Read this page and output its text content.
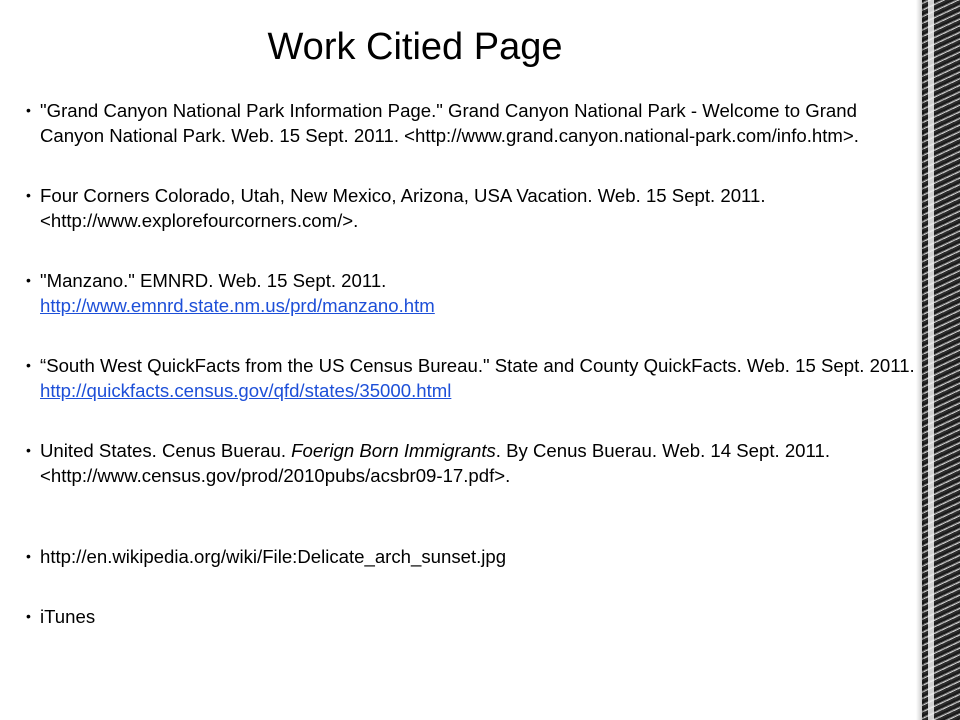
Work Citied Page
• "Grand Canyon National Park Information Page." Grand Canyon National Park - Welcome to Grand Canyon National Park. Web. 15 Sept. 2011. <http://www.grand.canyon.national-park.com/info.htm>.
• Four Corners Colorado, Utah, New Mexico, Arizona, USA Vacation. Web. 15 Sept. 2011. <http://www.explorefourcorners.com/>.
• "Manzano." EMNRD. Web. 15 Sept. 2011.
http://www.emnrd.state.nm.us/prd/manzano.htm
• “South West QuickFacts from the US Census Bureau." State and County QuickFacts. Web. 15 Sept. 2011. http://quickfacts.census.gov/qfd/states/35000.html
• United States. Cenus Buerau. Foerign Born Immigrants. By Cenus Buerau. Web. 14 Sept. 2011. <http://www.census.gov/prod/2010pubs/acsbr09-17.pdf>.
• http://en.wikipedia.org/wiki/File:Delicate_arch_sunset.jpg
• iTunes
